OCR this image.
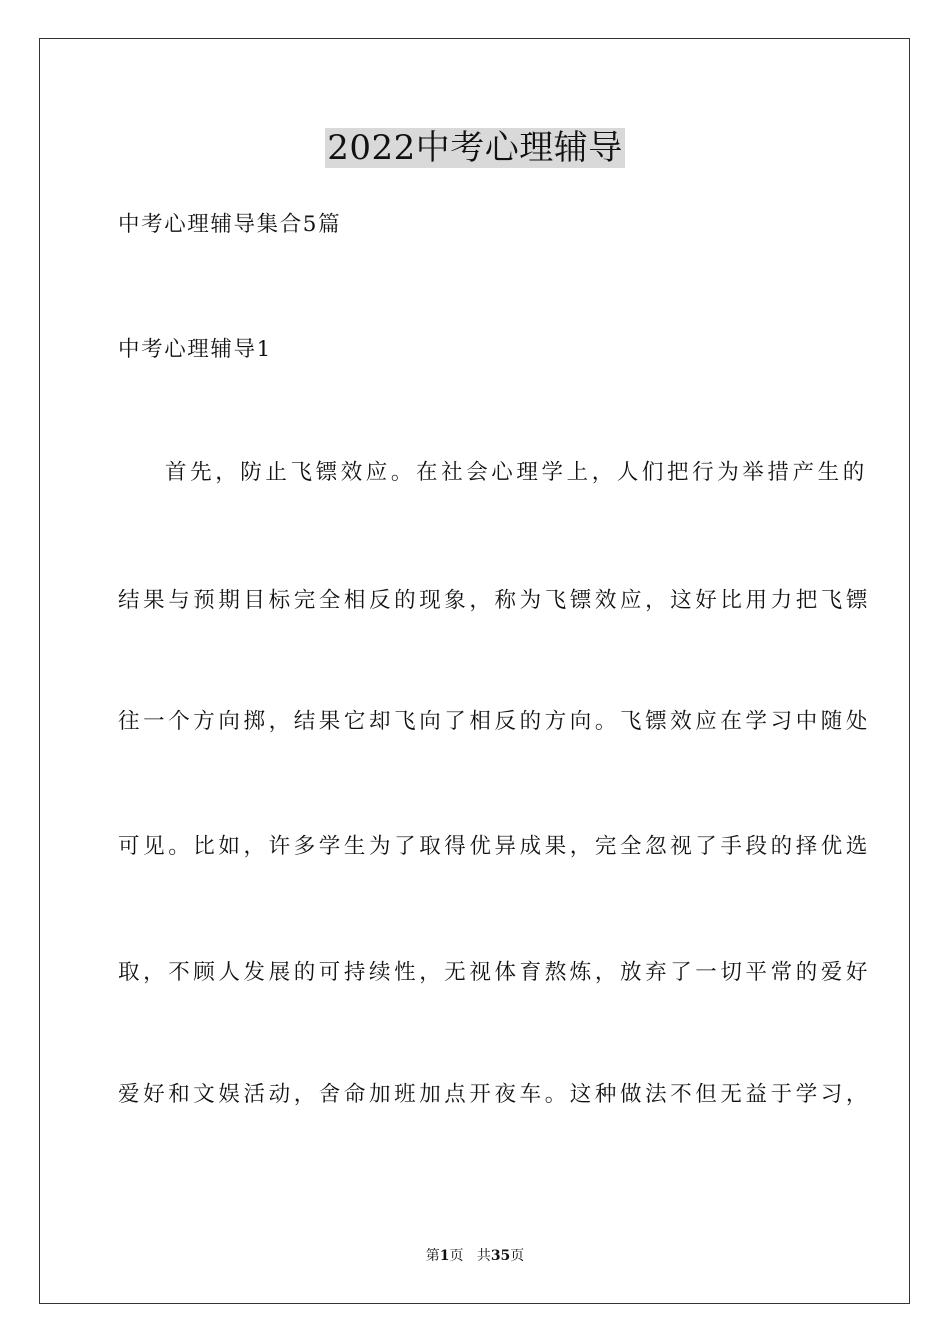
2022中考心理辅导
中考心理辅导集合5篇
中考心理辅导1
首先，防止飞镖效应。在社会心理学上，人们把行为举措产生的
结果与预期目标完全相反的现象，称为飞镖效应，这好比用力把飞镖
往一个方向掷，结果它却飞向了相反的方向。飞镖效应在学习中随处
可见。比如，许多学生为了取得优异成果，完全忽视了手段的择优选
取，不顾人发展的可持续性，无视体育熬炼，放弃了一切平常的爱好
爱好和文娱活动，舍命加班加点开夜车。这种做法不但无益于学习，
第1页 共35页
